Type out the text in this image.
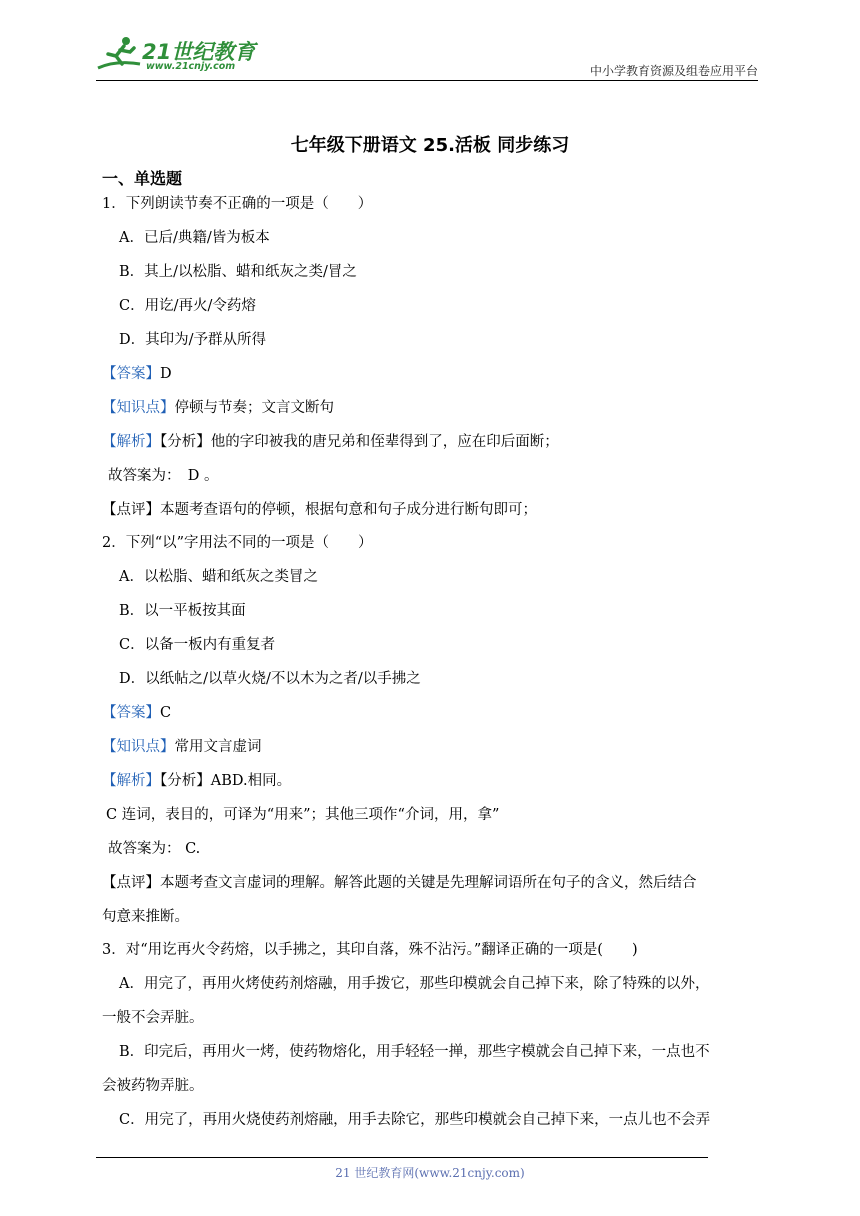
21世纪教育
www.21cnjy.com	中小学教育资源及组卷应用平台
七年级下册语文 25.活板 同步练习
一、单选题
1．下列朗读节奏不正确的一项是（　　）
A．已后/典籍/皆为板本
B．其上/以松脂、蜡和纸灰之类/冒之
C．用讫/再火/令药熔
D．其印为/予群从所得
【答案】D
【知识点】停顿与节奏；文言文断句
【解析】【分析】他的字印被我的唐兄弟和侄辈得到了，应在印后面断；
故答案为：　D 。
【点评】本题考查语句的停顿，根据句意和句子成分进行断句即可；
2．下列“以”字用法不同的一项是（　　）
A．以松脂、蜡和纸灰之类冒之
B．以一平板按其面
C．以备一板内有重复者
D．以纸帖之/以草火烧/不以木为之者/以手拂之
【答案】C
【知识点】常用文言虚词
【解析】【分析】ABD.相同。
C 连词，表目的，可译为“用来”；其他三项作“介词，用，拿”
故答案为： C.
【点评】本题考查文言虚词的理解。解答此题的关键是先理解词语所在句子的含义，然后结合
句意来推断。
3．对“用讫再火令药熔，以手拂之，其印自落，殊不沾污。”翻译正确的一项是(　　)
A．用完了，再用火烤使药剂熔融，用手拨它，那些印模就会自己掉下来，除了特殊的以外，
一般不会弄脏。
B．印完后，再用火一烤，使药物熔化，用手轻轻一掸，那些字模就会自己掉下来，一点也不
会被药物弄脏。
C．用完了，再用火烧使药剂熔融，用手去除它，那些印模就会自己掉下来，一点儿也不会弄
21 世纪教育网(www.21cnjy.com)
